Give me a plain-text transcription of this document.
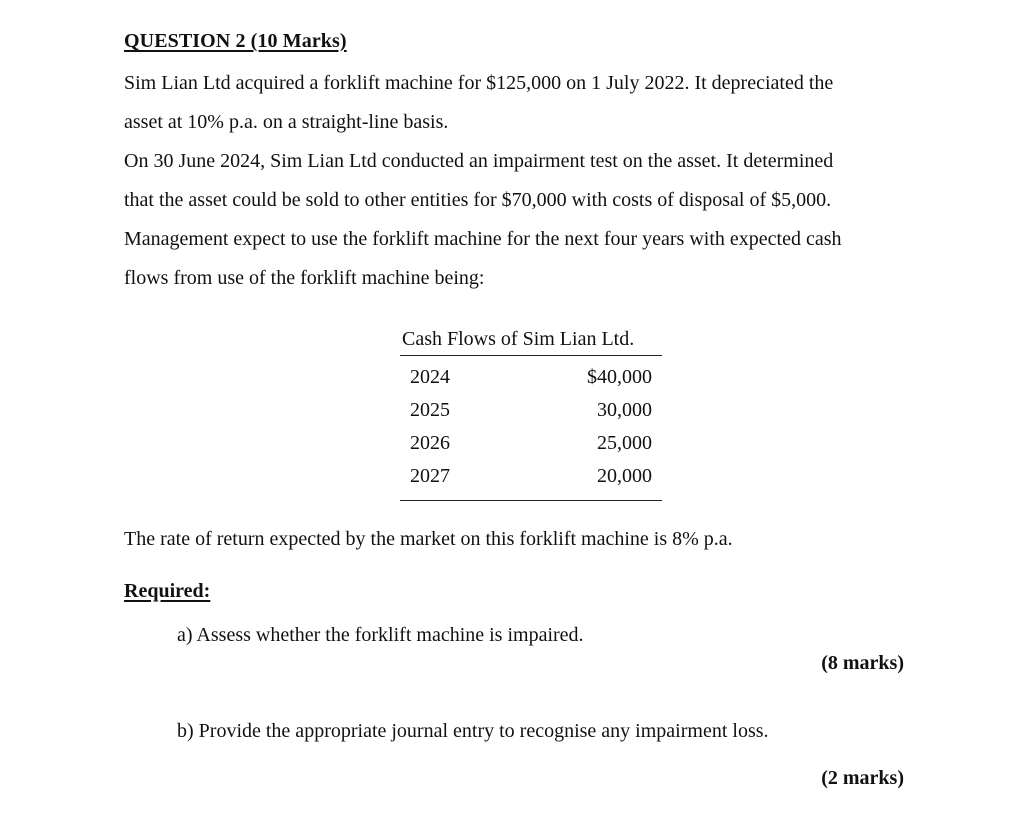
QUESTION 2 (10 Marks)

Sim Lian Ltd acquired a forklift machine for $125,000 on 1 July 2022. It depreciated the
asset at 10% p.a. on a straight-line basis.

On 30 June 2024, Sim Lian Ltd conducted an impairment test on the asset. It determined
that the asset could be sold to other entities for $70,000 with costs of disposal of $5,000.
Management expect to use the forklift machine for the next four years with expected cash
flows from use of the forklift machine being:

Cash Flows of Sim Lian Ltd.
2024	$40,000
2025	30,000
2026	25,000
2027	20,000
The rate of return expected by the market on this forklift machine is 8% p.a.
Required:
a) Assess whether the forklift machine is impaired.
(8 marks)
b) Provide the appropriate journal entry to recognise any impairment loss.
(2 marks)
